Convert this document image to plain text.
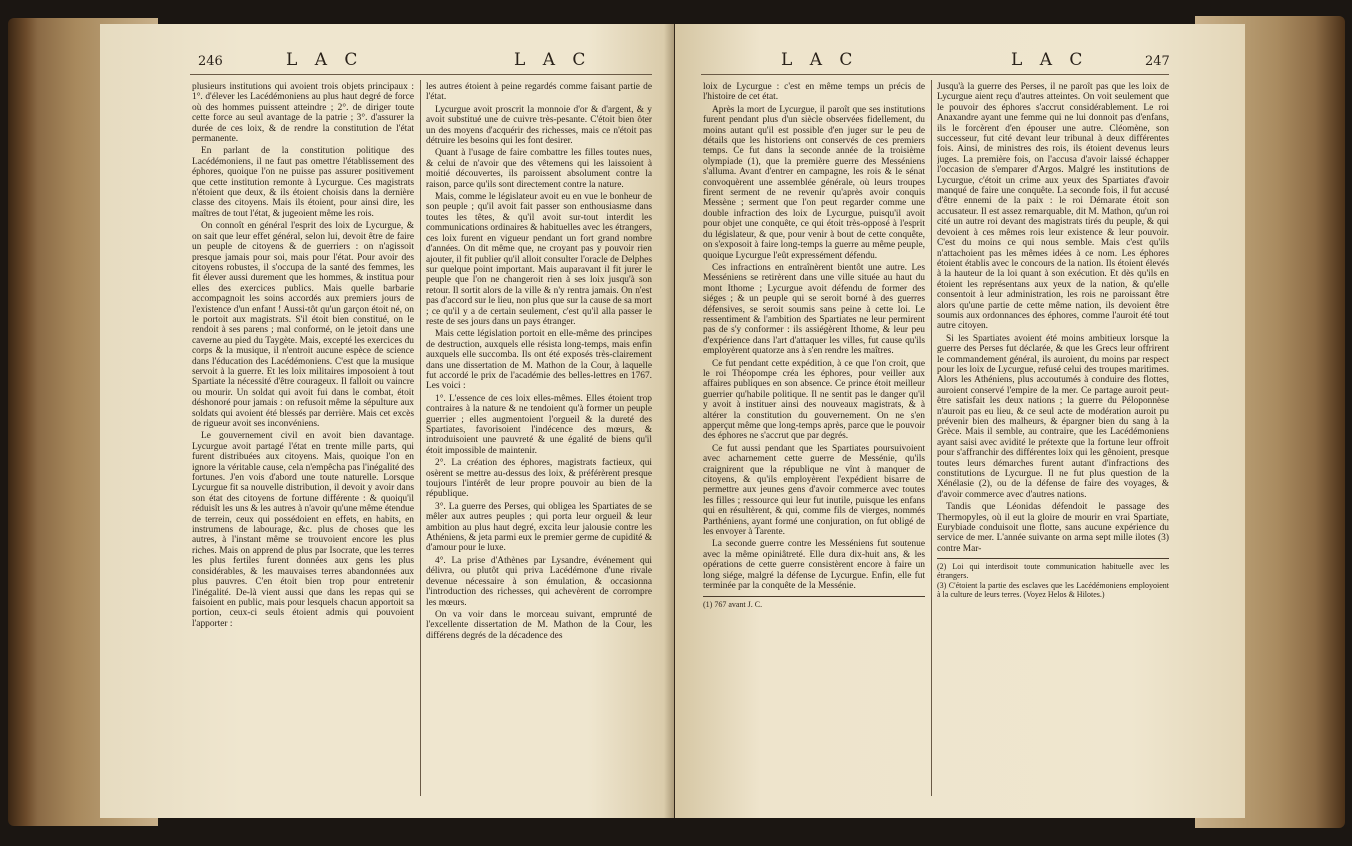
246	L A C	L A C

plusieurs institutions qui avoient trois objets principaux : 1°. d'élever les Lacédémoniens au plus haut degré de force où des hommes puissent atteindre ; 2°. de diriger toute cette force au seul avantage de la patrie ; 3°. d'assurer la durée de ces loix, & de rendre la constitution de l'état permanente.

En parlant de la constitution politique des Lacédémoniens, il ne faut pas omettre l'établissement des éphores, quoique l'on ne puisse pas assurer positivement que cette institution remonte à Lycurgue. Ces magistrats n'étoient que deux, & ils étoient choisis dans la dernière classe des citoyens. Mais ils étoient, pour ainsi dire, les maîtres de tout l'état, & jugeoient même les rois.

On connoît en général l'esprit des loix de Lycurgue, & on sait que leur effet général, selon lui, devoit être de faire un peuple de citoyens & de guerriers : on n'agissoit presque jamais pour soi, mais pour l'état. Pour avoir des citoyens robustes, il s'occupa de la santé des femmes, les fit élever aussi durement que les hommes, & institua pour elles des exercices publics. Mais quelle barbarie accompagnoit les soins accordés aux premiers jours de l'existence d'un enfant ! Aussi-tôt qu'un garçon étoit né, on le portoit aux magistrats. S'il étoit bien constitué, on le rendoit à ses parens ; mal conformé, on le jetoit dans une caverne au pied du Taygète. Mais, excepté les exercices du corps & la musique, il n'entroit aucune espèce de science dans l'éducation des Lacédémoniens. C'est que la musique servoit à la guerre. Et les loix militaires imposoient à tout Spartiate la nécessité d'être courageux. Il falloit ou vaincre ou mourir. Un soldat qui avoit fui dans le combat, étoit déshonoré pour jamais : on refusoit même la sépulture aux soldats qui avoient été blessés par derrière. Mais cet excès de rigueur avoit ses inconvéniens.

Le gouvernement civil en avoit bien davantage. Lycurgue avoit partagé l'état en trente mille parts, qui furent distribuées aux citoyens. Mais, quoique l'on en ignore la véritable cause, cela n'empêcha pas l'inégalité des fortunes. J'en vois d'abord une toute naturelle. Lorsque Lycurgue fit sa nouvelle distribution, il devoit y avoir dans son état des citoyens de fortune différente : & quoiqu'il réduisît les uns & les autres à n'avoir qu'une même étendue de terrein, ceux qui possédoient en effets, en habits, en instrumens de labourage, &c. plus de choses que les autres, à l'instant même se trouvoient encore les plus riches. Mais on apprend de plus par Isocrate, que les terres les plus fertiles furent données aux gens les plus considérables, & les mauvaises terres abandonnées aux plus pauvres. C'en étoit bien trop pour entretenir l'inégalité. De-là vient aussi que dans les repas qui se faisoient en public, mais pour lesquels chacun apportoit sa portion, ceux-ci seuls étoient admis qui pouvoient l'apporter :

les autres étoient à peine regardés comme faisant partie de l'état.

Lycurgue avoit proscrit la monnoie d'or & d'argent, & y avoit substitué une de cuivre très-pesante. C'étoit bien ôter un des moyens d'acquérir des richesses, mais ce n'étoit pas détruire les besoins qui les font desirer.

Quant à l'usage de faire combattre les filles toutes nues, & celui de n'avoir que des vêtemens qui les laissoient à moitié découvertes, ils paroissent absolument contre la raison, parce qu'ils sont directement contre la nature.

Mais, comme le législateur avoit eu en vue le bonheur de son peuple ; qu'il avoit fait passer son enthousiasme dans toutes les têtes, & qu'il avoit sur-tout interdit les communications ordinaires & habituelles avec les étrangers, ces loix furent en vigueur pendant un fort grand nombre d'années. On dit même que, ne croyant pas y pouvoir rien ajouter, il fit publier qu'il alloit consulter l'oracle de Delphes sur quelque point important. Mais auparavant il fit jurer le peuple que l'on ne changeroit rien à ses loix jusqu'à son retour. Il sortit alors de la ville & n'y rentra jamais. On n'est pas d'accord sur le lieu, non plus que sur la cause de sa mort ; ce qu'il y a de certain seulement, c'est qu'il alla passer le reste de ses jours dans un pays étranger.

Mais cette législation portoit en elle-même des principes de destruction, auxquels elle résista long-temps, mais enfin auxquels elle succomba. Ils ont été exposés très-clairement dans une dissertation de M. Mathon de la Cour, à laquelle fut accordé le prix de l'académie des belles-lettres en 1767. Les voici :

1°. L'essence de ces loix elles-mêmes. Elles étoient trop contraires à la nature & ne tendoient qu'à former un peuple guerrier ; elles augmentoient l'orgueil & la dureté des Spartiates, favorisoient l'indécence des mœurs, & introduisoient une pauvreté & une égalité de biens qu'il étoit impossible de maintenir.

2°. La création des éphores, magistrats factieux, qui osèrent se mettre au-dessus des loix, & préférèrent presque toujours l'intérêt de leur propre pouvoir au bien de la république.

3°. La guerre des Perses, qui obligea les Spartiates de se mêler aux autres peuples ; qui porta leur orgueil & leur ambition au plus haut degré, excita leur jalousie contre les Athéniens, & jeta parmi eux le premier germe de cupidité & d'amour pour le luxe.

4°. La prise d'Athènes par Lysandre, événement qui délivra, ou plutôt qui priva Lacédémone d'une rivale devenue nécessaire à son émulation, & occasionna l'introduction des richesses, qui achevèrent de corrompre les mœurs.

On va voir dans le morceau suivant, emprunté de l'excellente dissertation de M. Mathon de la Cour, les différens degrés de la décadence des

L A C	L A C	247

loix de Lycurgue : c'est en même temps un précis de l'histoire de cet état.

Après la mort de Lycurgue, il paroît que ses institutions furent pendant plus d'un siècle observées fidellement, du moins autant qu'il est possible d'en juger sur le peu de détails que les historiens ont conservés de ces premiers temps. Ce fut dans la seconde année de la troisième olympiade (1), que la première guerre des Messéniens s'alluma. Avant d'entrer en campagne, les rois & le sénat convoquèrent une assemblée générale, où leurs troupes firent serment de ne revenir qu'après avoir conquis Messène ; serment que l'on peut regarder comme une double infraction des loix de Lycurgue, puisqu'il avoit pour objet une conquête, ce qui étoit très-opposé à l'esprit du législateur, & que, pour venir à bout de cette conquête, on s'exposoit à faire long-temps la guerre au même peuple, quoique Lycurgue l'eût expressément défendu.

Ces infractions en entraînèrent bientôt une autre. Les Messéniens se retirèrent dans une ville située au haut du mont Ithome ; Lycurgue avoit défendu de former des siéges ; & un peuple qui se seroit borné à des guerres défensives, se seroit soumis sans peine à cette loi. Le ressentiment & l'ambition des Spartiates ne leur permirent pas de s'y conformer : ils assiégèrent Ithome, & leur peu d'expérience dans l'art d'attaquer les villes, fut cause qu'ils employèrent quatorze ans à s'en rendre les maîtres.

Ce fut pendant cette expédition, à ce que l'on croit, que le roi Théopompe créa les éphores, pour veiller aux affaires publiques en son absence. Ce prince étoit meilleur guerrier qu'habile politique. Il ne sentit pas le danger qu'il y avoit à instituer ainsi des nouveaux magistrats, & à altérer la constitution du gouvernement. On ne s'en apperçut même que long-temps après, parce que le pouvoir des éphores ne s'accrut que par degrés.

Ce fut aussi pendant que les Spartiates poursuivoient avec acharnement cette guerre de Messénie, qu'ils craignirent que la république ne vînt à manquer de citoyens, & qu'ils employèrent l'expédient bisarre de permettre aux jeunes gens d'avoir commerce avec toutes les filles ; ressource qui leur fut inutile, puisque les enfans qui en résultèrent, & qui, comme fils de vierges, nommés Parthéniens, ayant formé une conjuration, on fut obligé de les envoyer à Tarente.

La seconde guerre contre les Messéniens fut soutenue avec la même opiniâtreté. Elle dura dix-huit ans, & les opérations de cette guerre consistèrent encore à faire un long siége, malgré la défense de Lycurgue. Enfin, elle fut terminée par la conquête de la Messénie.

(1) 767 avant J. C.

Jusqu'à la guerre des Perses, il ne paroît pas que les loix de Lycurgue aient reçu d'autres atteintes. On voit seulement que le pouvoir des éphores s'accrut considérablement. Le roi Anaxandre ayant une femme qui ne lui donnoit pas d'enfans, ils le forcèrent d'en épouser une autre. Cléomène, son successeur, fut cité devant leur tribunal à deux différentes fois. Ainsi, de ministres des rois, ils étoient devenus leurs juges. La première fois, on l'accusa d'avoir laissé échapper l'occasion de s'emparer d'Argos. Malgré les institutions de Lycurgue, c'étoit un crime aux yeux des Spartiates d'avoir manqué de faire une conquête. La seconde fois, il fut accusé d'être ennemi de la paix : le roi Démarate étoit son accusateur. Il est assez remarquable, dit M. Mathon, qu'un roi cité un autre roi devant des magistrats tirés du peuple, & qui devoient à ces mêmes rois leur existence & leur pouvoir. C'est du moins ce qui nous semble. Mais c'est qu'ils n'attachoient pas les mêmes idées à ce nom. Les éphores étoient établis avec le concours de la nation. Ils étoient élevés à la hauteur de la loi quant à son exécution. Et dès qu'ils en étoient les représentans aux yeux de la nation, & qu'elle consentoit à leur administration, les rois ne paroissant être alors qu'une partie de cette même nation, ils devoient être soumis aux ordonnances des éphores, comme l'auroit été tout autre citoyen.

Si les Spartiates avoient été moins ambitieux lorsque la guerre des Perses fut déclarée, & que les Grecs leur offrirent le commandement général, ils auroient, du moins par respect pour les loix de Lycurgue, refusé celui des troupes maritimes. Alors les Athéniens, plus accoutumés à conduire des flottes, auroient conservé l'empire de la mer. Ce partage auroit peut-être satisfait les deux nations ; la guerre du Péloponnèse n'auroit pas eu lieu, & ce seul acte de modération auroit pu prévenir bien des malheurs, & épargner bien du sang à la Grèce. Mais il semble, au contraire, que les Lacédémoniens ayant saisi avec avidité le prétexte que la fortune leur offroit pour s'affranchir des différentes loix qui les gênoient, presque toutes leurs démarches furent autant d'infractions des constitutions de Lycurgue. Il ne fut plus question de la Xénélasie (2), ou de la défense de faire des voyages, & d'avoir commerce avec d'autres nations.

Tandis que Léonidas défendoit le passage des Thermopyles, où il eut la gloire de mourir en vrai Spartiate, Eurybiade conduisoit une flotte, sans aucune expérience du service de mer. L'année suivante on arma sept mille ilotes (3) contre Mar-

(2) Loi qui interdisoit toute communication habituelle avec les étrangers.

(3) C'étoient la partie des esclaves que les Lacédémoniens employoient à la culture de leurs terres. (Voyez Helos & Hilotes.)
